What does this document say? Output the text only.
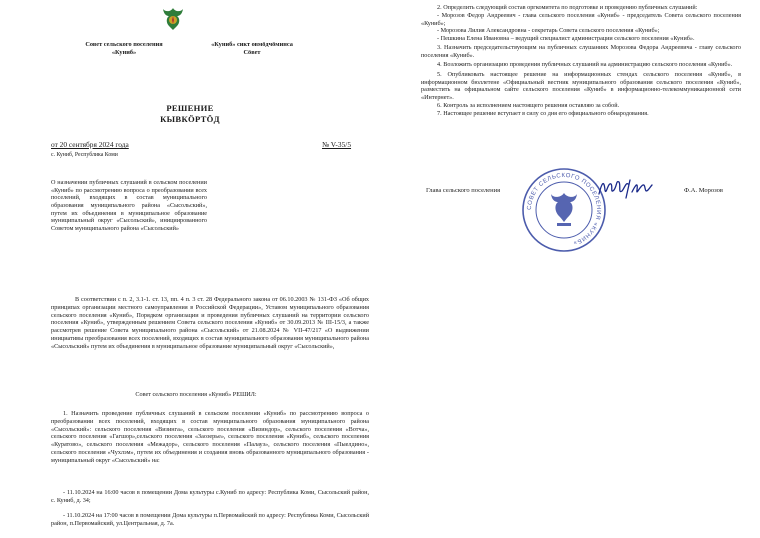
Совет сельского поселения «Куниб»
«Куниб» сикт овмöдчöминса Сöвет
РЕШЕНИЕ
КЫВКÖРТÖД
от 20 сентября 2024 года	№ V-35/5
с. Куниб, Республика Коми
О назначении публичных слушаний в сельском поселении «Куниб» по рассмотрению вопроса о преобразовании всех поселений, входящих в состав муниципального образования муниципального района «Сысольский», путем их объединения в муниципальное образование муниципальный округ «Сысольский», инициированного Советом муниципального района «Сысольский»
В соответствии с п. 2, 3.1-1. ст. 13, пп. 4 п. 3 ст. 28 Федерального закона от 06.10.2003 № 131-ФЗ «Об общих принципах организации местного самоуправления в Российской Федерации», Уставом муниципального образования сельского поселения «Куниб», Порядком организации и проведения публичных слушаний на территории сельского поселения «Куниб», утвержденным решением Совета сельского поселения «Куниб» от 30.09.2013 № III-15/3, а также рассмотрев решение Совета муниципального района «Сысольский» от 21.08.2024 № VII-47/217 «О выдвижении инициативы преобразования всех поселений, входящих в состав муниципального образования муниципального района «Сысольский» путем их объединения в муниципальное образование муниципальный округ «Сысольский»,
Совет сельского поселения «Куниб» РЕШИЛ:
1. Назначить проведение публичных слушаний в сельском поселении «Куниб» по рассмотрению вопроса о преобразовании всех поселений, входящих в состав муниципального образования муниципального района «Сысольский»: сельского поселения «Визинга», сельского поселения «Визиндор», сельского поселения «Вотча», сельского поселения «Гагшор»,сельского поселения «Заозерье», сельского поселения «Куниб», сельского поселения «Куратово», сельского поселения «Межадор», сельского поселения «Палауз», сельского поселения «Пыелдино», сельского поселения «Чухлэм», путем их объединения и создания вновь образованного муниципального образования - муниципальный округ «Сысольский» на:
- 11.10.2024 на 16:00 часов в помещении Дома культуры с.Куниб по адресу: Республика Коми, Сысольский район, с. Куниб, д. 34;
- 11.10.2024 на 17:00 часов в помещении Дома культуры п.Первомайский по адресу: Республика Коми, Сысольский район, п.Первомайский, ул.Центральная, д. 7а.

2. Определить следующий состав оргкомитета по подготовке и проведению публичных слушаний:

- Морозов Федор Андреевич - глава сельского поселения «Куниб» - председатель Совета сельского поселения «Куниб»;

- Морозова Лилия Александровна - секретарь Совета сельского поселения «Куниб»;

- Пешкина Елена Ивановна – ведущий специалист администрации сельского поселения «Куниб».

3. Назначить председательствующим на публичных слушаниях Морозова Федора Андреевича - главу сельского поселения «Куниб».

4. Возложить организацию проведения публичных слушаний на администрацию сельского поселения «Куниб».

5. Опубликовать настоящее решение на информационных стендах сельского поселения «Куниб», в информационном бюллетене «Официальный вестник муниципального образования сельского поселения «Куниб», разместить на официальном сайте сельского поселения «Куниб» в информационно-телекоммуникационной сети «Интернет».

6. Контроль за исполнением настоящего решения оставляю за собой.

7. Настоящее решение вступает в силу со дня его официального обнародования.

Глава сельского поселения
СОВЕТ СЕЛЬСКОГО ПОСЕЛЕНИЯ «КУНИБ»
Ф.А. Морозов
